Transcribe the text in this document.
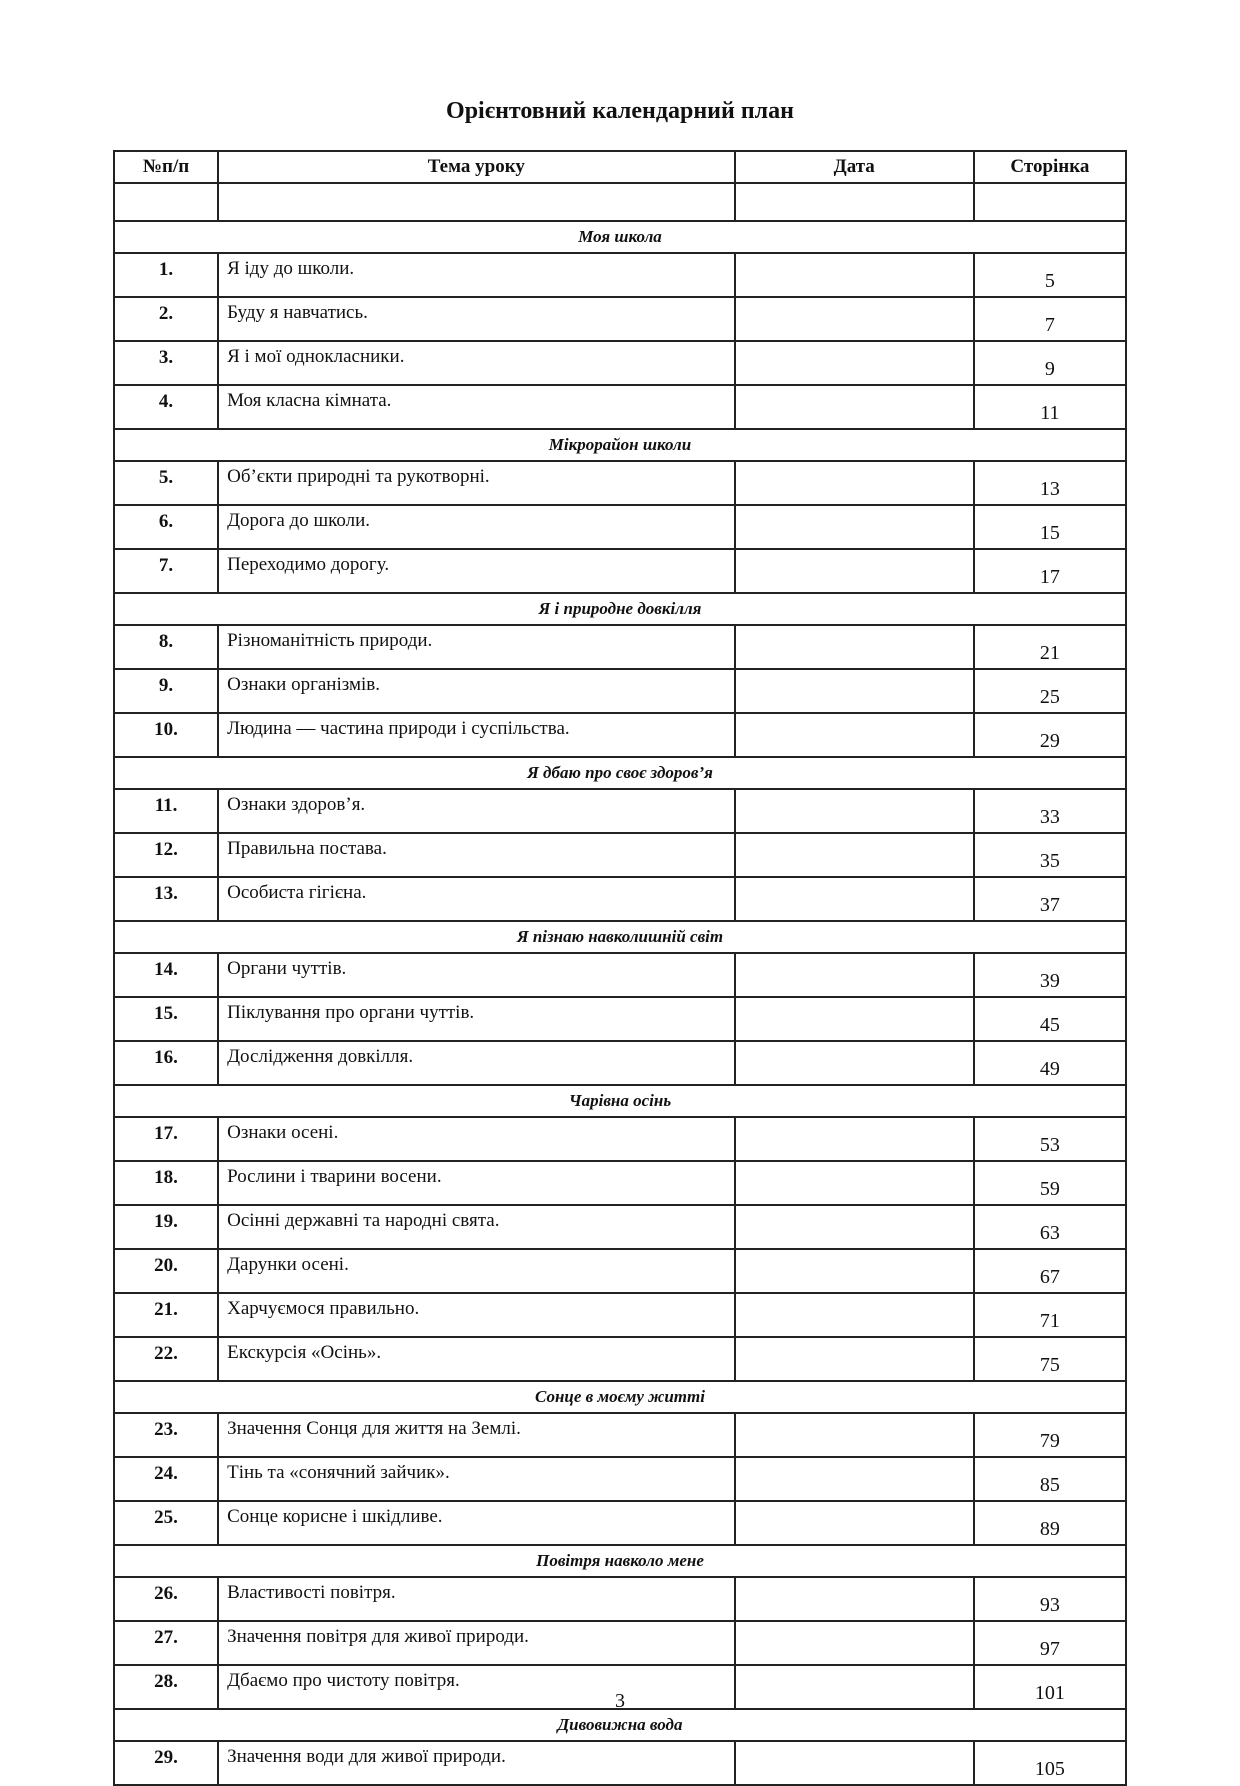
Орієнтовний календарний план
№п/п	Тема уроку	Дата	Сторінка

Моя школа			
1.	Я іду до школи.		5
2.	Буду я навчатись.		7
3.	Я і мої однокласники.		9
4.	Моя класна кімната.		11
Мікрорайон школи			
5.	Об’єкти природні та рукотворні.		13
6.	Дорога до школи.		15
7.	Переходимо дорогу.		17
Я і природне довкілля			
8.	Різноманітність природи.		21
9.	Ознаки організмів.		25
10.	Людина — частина природи і суспільства.		29
Я дбаю про своє здоров’я			
11.	Ознаки здоров’я.		33
12.	Правильна постава.		35
13.	Особиста гігієна.		37
Я пізнаю навколишній світ			
14.	Органи чуттів.		39
15.	Піклування про органи чуттів.		45
16.	Дослідження довкілля.		49
Чарівна осінь			
17.	Ознаки осені.		53
18.	Рослини і тварини восени.		59
19.	Осінні державні та народні свята.		63
20.	Дарунки осені.		67
21.	Харчуємося правильно.		71
22.	Екскурсія «Осінь».		75
Сонце в моєму житті			
23.	Значення Сонця для життя на Землі.		79
24.	Тінь та «сонячний зайчик».		85
25.	Сонце корисне і шкідливе.		89
Повітря навколо мене			
26.	Властивості повітря.		93
27.	Значення повітря для живої природи.		97
28.	Дбаємо про чистоту повітря.		101
Дивовижна вода			
29.	Значення води для живої природи.		105
3
